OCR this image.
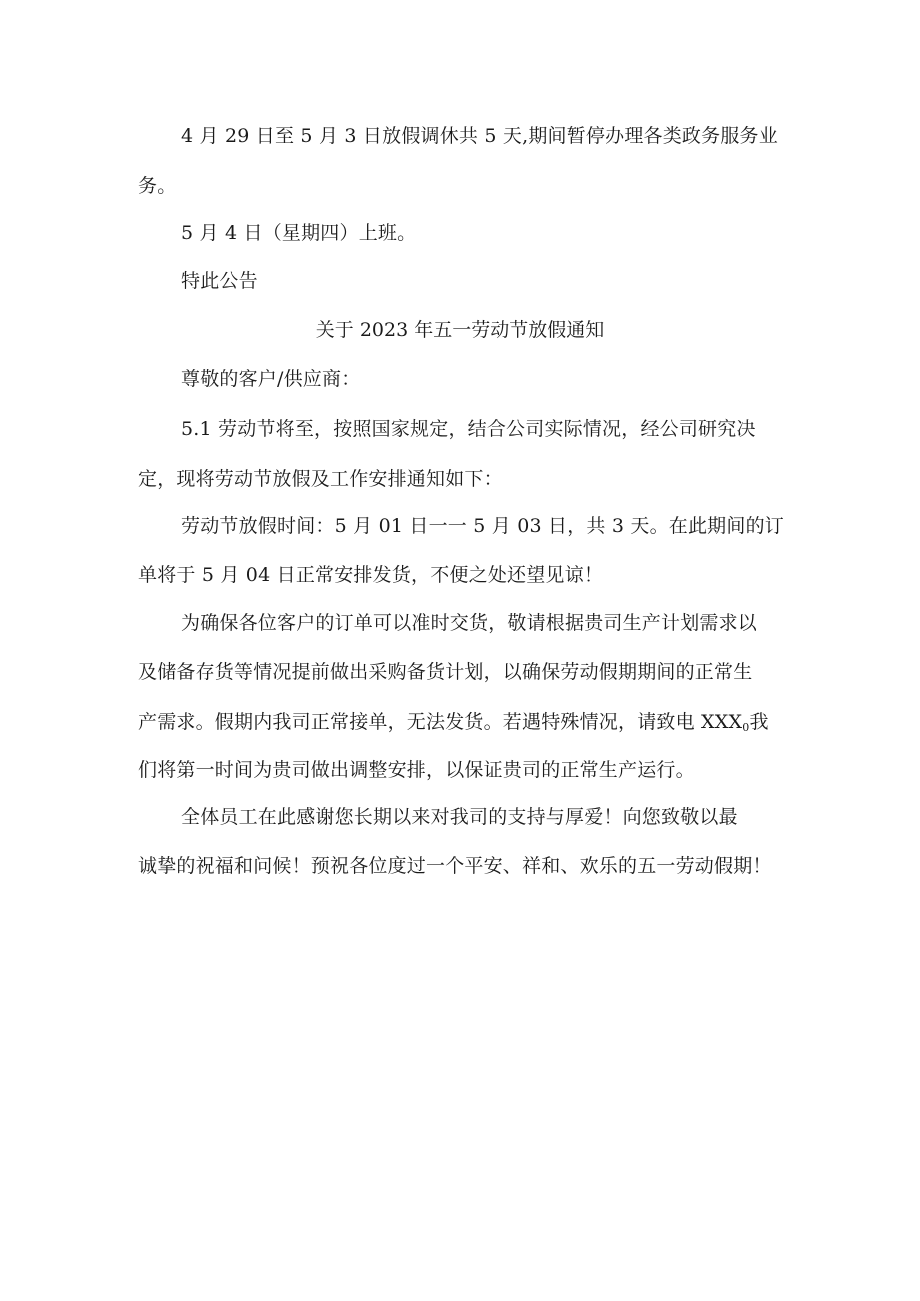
4 月 29 日至 5 月 3 日放假调休共 5 天,期间暂停办理各类政务服务业
务。
5 月 4 日（星期四）上班。
特此公告
关于 2023 年五一劳动节放假通知
尊敬的客户/供应商：
5.1 劳动节将至，按照国家规定，结合公司实际情况，经公司研究决
定，现将劳动节放假及工作安排通知如下：
劳动节放假时间：5 月 01 日一一 5 月 03 日，共 3 天。在此期间的订
单将于 5 月 04 日正常安排发货，不便之处还望见谅！
为确保各位客户的订单可以准时交货，敬请根据贵司生产计划需求以
及储备存货等情况提前做出采购备货计划，以确保劳动假期期间的正常生
产需求。假期内我司正常接单，无法发货。若遇特殊情况，请致电 $XXX_0$我
们将第一时间为贵司做出调整安排，以保证贵司的正常生产运行。
全体员工在此感谢您长期以来对我司的支持与厚爱！向您致敬以最
诚挚的祝福和问候！预祝各位度过一个平安、祥和、欢乐的五一劳动假期！
